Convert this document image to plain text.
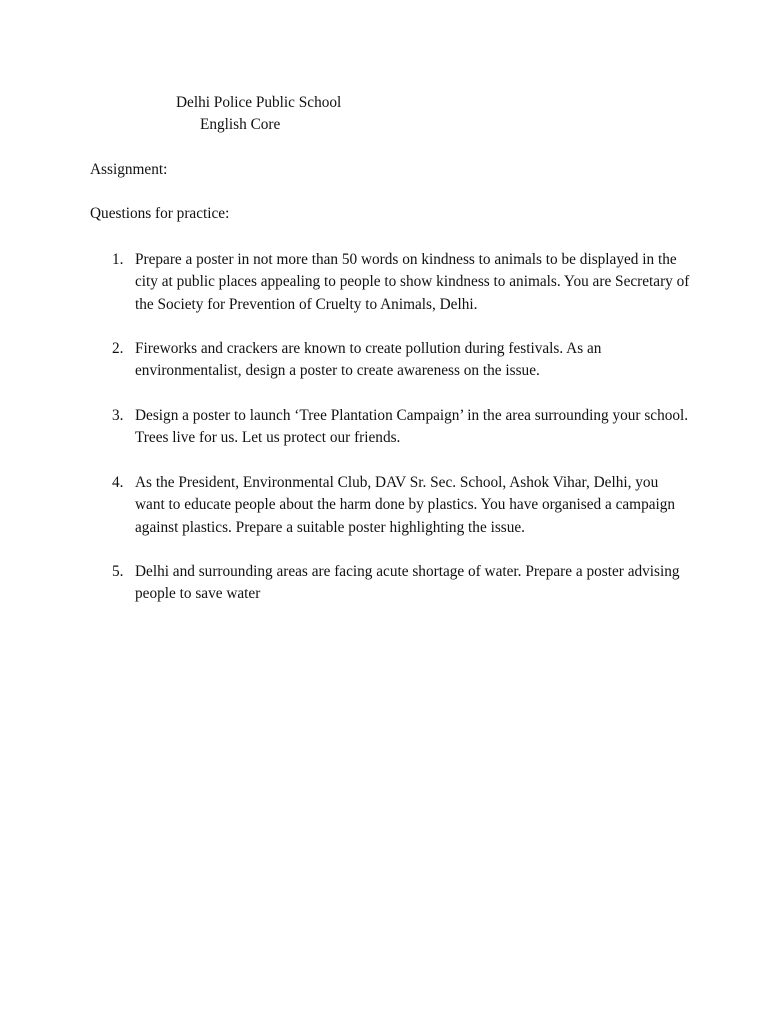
Delhi Police Public School
English Core
Assignment:
Questions for practice:
1. Prepare a poster in not more than 50 words on kindness to animals to be displayed in the city at public places appealing to people to show kindness to animals. You are Secretary of the Society for Prevention of Cruelty to Animals, Delhi.
2. Fireworks and crackers are known to create pollution during festivals. As an environmentalist, design a poster to create awareness on the issue.
3. Design a poster to launch ‘Tree Plantation Campaign’ in the area surrounding your school. Trees live for us. Let us protect our friends.
4. As the President, Environmental Club, DAV Sr. Sec. School, Ashok Vihar, Delhi, you want to educate people about the harm done by plastics. You have organised a campaign against plastics. Prepare a suitable poster highlighting the issue.
5. Delhi and surrounding areas are facing acute shortage of water. Prepare a poster advising people to save water
